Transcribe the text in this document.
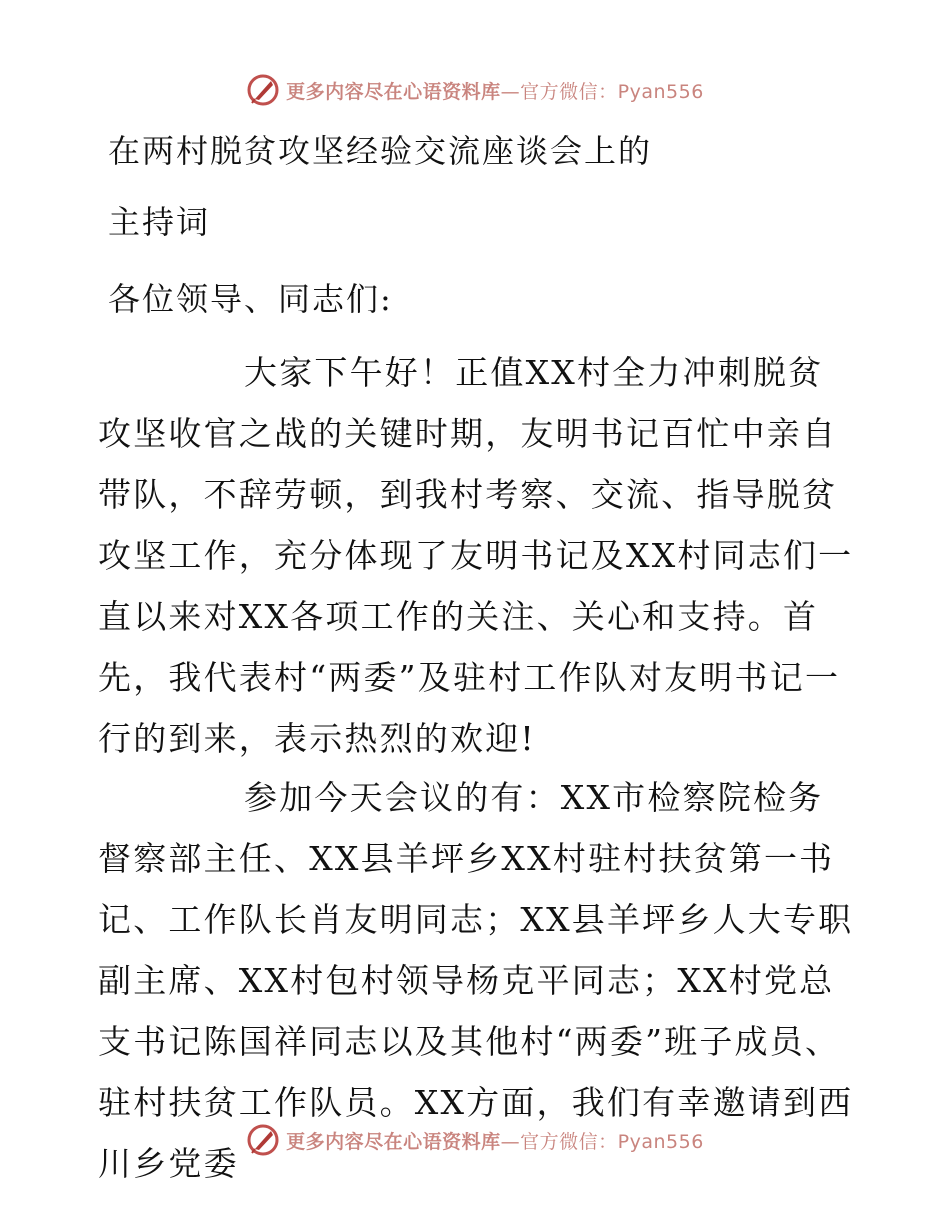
更多内容尽在心语资料库 —官方微信：Pyan556
在两村脱贫攻坚经验交流座谈会上的
主持词
各位领导、同志们:

大家下午好！正值XX村全力冲刺脱贫攻坚收官之战的关键时期，友明书记百忙中亲自带队，不辞劳顿，到我村考察、交流、指导脱贫攻坚工作，充分体现了友明书记及XX村同志们一直以来对XX各项工作的关注、关心和支持。首先，我代表村“两委”及驻村工作队对友明书记一行的到来，表示热烈的欢迎!

参加今天会议的有：XX市检察院检务督察部主任、XX县羊坪乡XX村驻村扶贫第一书记、工作队长肖友明同志；XX县羊坪乡人大专职副主席、XX村包村领导杨克平同志；XX村党总支书记陈国祥同志以及其他村“两委”班子成员、驻村扶贫工作队员。XX方面，我们有幸邀请到西川乡党委

更多内容尽在心语资料库 —官方微信：Pyan556
